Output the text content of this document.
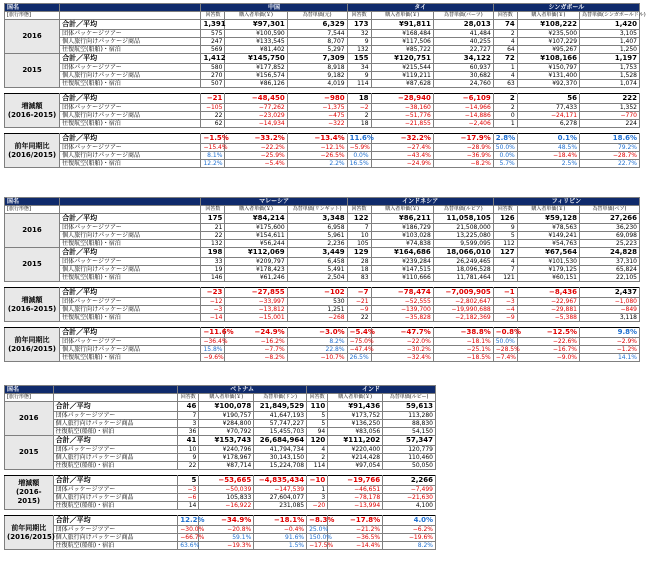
国名		中国			タイ			シンガポール		
[旅行形態]		回答数	購入者単価(￥)	為替単価(元)	回答数	購入者単価(￥)	為替単価(バーツ)	回答数	購入者単価(￥)	為替単価(シンガポールドル)

2016	合計／平均	1,391	¥97,301	6,329	173	¥91,811	28,013	74	¥108,222	1,420
	団体パッケージツアー	575	¥100,590	7,544	32	¥168,484	41,484	2	¥235,500	3,105
	個人旅行向けパッケージ商品	247	¥133,545	8,707	9	¥117,506	40,255	4	¥107,229	1,407
	往復航空(船舶)・宿泊	569	¥81,402	5,297	132	¥85,722	22,727	64	¥95,267	1,250

2015	合計／平均	1,412	¥145,750	7,309	155	¥120,751	34,122	72	¥108,166	1,197
	団体パッケージツアー	580	¥177,852	8,918	34	¥215,544	60,937	1	¥150,797	1,753
	個人旅行向けパッケージ商品	270	¥156,574	9,182	9	¥119,211	30,682	4	¥131,400	1,528
	往復航空(船舶)・宿泊	507	¥86,126	4,019	114	¥87,628	24,760	63	¥92,370	1,074

増減額
(2016-2015)	合計／平均	−21	−48,450	−980	18	−28,940	−6,109	2	56	222
	団体パッケージツアー	−105	−77,262	−1,375	−2	−38,160	−14,966	2	77,433	1,352
	個人旅行向けパッケージ商品	22	−23,029	−475	2	−51,776	−14,886	0	−24,171	−770
	往復航空(船舶)・宿泊	62	−14,934	−322	18	−21,855	−2,406	1	6,278	224

前年同期比
(2016/2015)	合計／平均	−1.5%	−33.2%	−13.4%	11.6%	−32.2%	−17.9%	2.8%	0.1%	18.6%
	団体パッケージツアー	−15.4%	−22.2%	−12.1%	−5.9%	−27.4%	−28.9%	50.0%	48.5%	79.2%
	個人旅行向けパッケージ商品	8.1%	−25.9%	−26.5%	0.0%	−43.4%	−36.9%	0.0%	−18.4%	−28.7%
	往復航空(船舶)・宿泊	12.2%	−5.4%	2.2%	16.5%	−24.9%	−8.2%	5.7%	2.5%	22.7%
国名		マレーシア			インドネシア			フィリピン		
[旅行形態]		回答数	購入者単価(￥)	為替単価(リンギット)	回答数	購入者単価(￥)	為替単価(ルピア)	回答数	購入者単価(￥)	為替単価(ペソ)

2016	合計／平均	175	¥84,214	3,348	122	¥86,211	11,058,105	126	¥59,128	27,266
	団体パッケージツアー	21	¥175,600	6,958	7	¥186,729	21,508,000	9	¥78,563	36,230
	個人旅行向けパッケージ商品	22	¥154,611	5,961	10	¥103,028	13,225,080	5	¥149,241	69,098
	往復航空(船舶)・宿泊	132	¥56,244	2,236	105	¥74,838	9,599,095	112	¥54,763	25,223

2015	合計／平均	198	¥112,069	3,449	129	¥164,686	18,066,010	127	¥67,564	24,828
	団体パッケージツアー	33	¥209,797	6,458	28	¥239,284	26,249,465	4	¥101,530	37,310
	個人旅行向けパッケージ商品	19	¥178,423	5,491	18	¥147,515	18,096,528	7	¥179,125	65,824
	往復航空(船舶)・宿泊	146	¥61,246	2,504	83	¥110,666	11,781,464	121	¥60,151	22,105

増減額
(2016-2015)	合計／平均	−23	−27,855	−102	−7	−78,474	−7,009,905	−1	−8,436	2,437
	団体パッケージツアー	−12	−33,997	530	−21	−52,555	−2,802,647	−3	−22,967	−1,080
	個人旅行向けパッケージ商品	−3	−13,812	1,251	−9	−139,700	−19,990,688	−4	−29,881	−849
	往復航空(船舶)・宿泊	−14	−15,001	−268	22	−35,828	−2,182,369	−9	−5,388	3,118

前年同期比
(2016/2015)	合計／平均	−11.6%	−24.9%	−3.0%	−5.4%	−47.7%	−38.8%	−0.8%	−12.5%	9.8%
	団体パッケージツアー	−36.4%	−16.2%	8.2%	−75.0%	−22.0%	−18.1%	50.0%	−22.6%	−2.9%
	個人旅行向けパッケージ商品	15.8%	−7.7%	22.8%	−47.4%	−30.2%	−25.1%	−28.5%	−16.7%	−1.2%
	往復航空(船舶)・宿泊	−9.6%	−8.2%	−10.7%	26.5%	−32.4%	−18.5%	−7.4%	−9.0%	14.1%
国名		ベトナム			インド		
[旅行形態]		回答数	購入者単価(￥)	為替単価(ドン)	回答数	購入者単価(￥)	為替単価(ルピー)

2016	合計／平均	46	¥100,078	21,849,529	110	¥91,436	59,613
	団体パッケージツアー	7	¥190,757	41,647,193	5	¥173,752	113,280
	個人旅行向けパッケージ商品	3	¥284,800	57,747,227	5	¥136,250	88,830
	往復航空(船舶)・宿泊	36	¥70,792	15,455,703	94	¥83,056	54,150

2015	合計／平均	41	¥153,743	26,684,964	120	¥111,202	57,347
	団体パッケージツアー	10	¥240,796	41,794,734	4	¥220,400	120,779
	個人旅行向けパッケージ商品	9	¥178,967	30,143,150	2	¥214,428	110,460
	往復航空(船舶)・宿泊	22	¥87,714	15,224,708	114	¥97,054	50,050

増減額
(2016-2015)	合計／平均	5	−53,665	−4,835,434	−10	−19,766	2,266
	団体パッケージツアー	−3	−50,039	−147,539	1	−46,651	−7,499
	個人旅行向けパッケージ商品	−6	105,833	27,604,077	3	−78,178	−21,630
	往復航空(船舶)・宿泊	14	−16,922	231,085	−20	−13,994	4,100

前年同期比
(2016/2015)	合計／平均	12.2%	−34.9%	−18.1%	−8.3%	−17.8%	4.0%
	団体パッケージツアー	−30.0%	−20.8%	−0.4%	25.0%	−21.2%	−6.2%
	個人旅行向けパッケージ商品	−66.7%	59.1%	91.6%	150.0%	−36.5%	−19.6%
	往復航空(船舶)・宿泊	63.6%	−19.3%	1.5%	−17.5%	−14.4%	8.2%
